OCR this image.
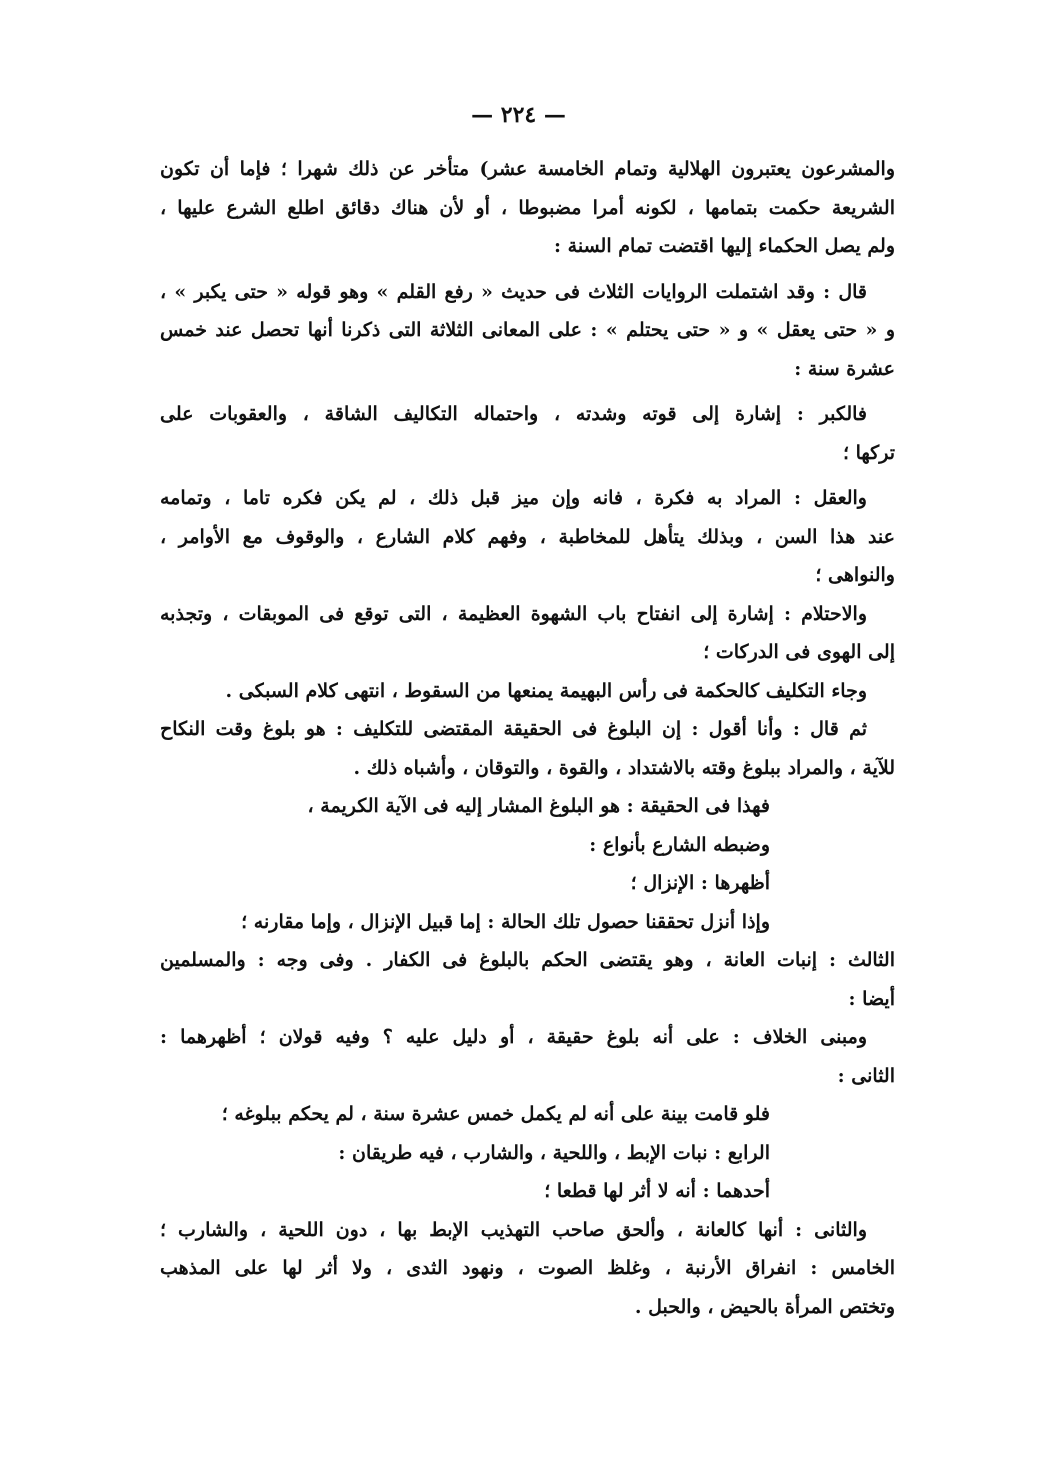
— ٢٢٤ —
والمشرعون يعتبرون الهلالية وتمام الخامسة عشر) متأخر عن ذلك شهرا ؛ فإما أن تكون
الشريعة حكمت بتمامها ، لكونه أمرا مضبوطا ، أو لأن هناك دقائق اطلع الشرع عليها ،
ولم يصل الحكماء إليها اقتضت تمام السنة :
قال : وقد اشتملت الروايات الثلاث فى حديث « رفع القلم » وهو قوله « حتى يكبر » ،
و « حتى يعقل » و « حتى يحتلم » : على المعانى الثلاثة التى ذكرنا أنها تحصل عند خمس
عشرة سنة :
فالكبر : إشارة إلى قوته وشدته ، واحتماله التكاليف الشاقة ، والعقوبات على
تركها ؛
والعقل : المراد به فكرة ، فانه وإن ميز قبل ذلك ، لم يكن فكره تاما ، وتمامه
عند هذا السن ، وبذلك يتأهل للمخاطبة ، وفهم كلام الشارع ، والوقوف مع الأوامر ،
والنواهى ؛
والاحتلام : إشارة إلى انفتاح باب الشهوة العظيمة ، التى توقع فى الموبقات ، وتجذبه
إلى الهوى فى الدركات ؛
وجاء التكليف كالحكمة فى رأس البهيمة يمنعها من السقوط ، انتهى كلام السبكى .
ثم قال : وأنا أقول : إن البلوغ فى الحقيقة المقتضى للتكليف : هو بلوغ وقت النكاح
للآية ، والمراد ببلوغ وقته بالاشتداد ، والقوة ، والتوقان ، وأشباه ذلك .
فهذا فى الحقيقة : هو البلوغ المشار إليه فى الآية الكريمة ،
وضبطه الشارع بأنواع :
أظهرها : الإنزال ؛
وإذا أنزل تحققنا حصول تلك الحالة : إما قبيل الإنزال ، وإما مقارنه ؛
الثالث : إنبات العانة ، وهو يقتضى الحكم بالبلوغ فى الكفار . وفى وجه : والمسلمين
أيضا :
ومبنى الخلاف : على أنه بلوغ حقيقة ، أو دليل عليه ؟ وفيه قولان ؛ أظهرهما :
الثانى :
فلو قامت بينة على أنه لم يكمل خمس عشرة سنة ، لم يحكم ببلوغه ؛
الرابع : نبات الإبط ، واللحية ، والشارب ، فيه طريقان :
أحدهما : أنه لا أثر لها قطعا ؛
والثانى : أنها كالعانة ، وألحق صاحب التهذيب الإبط بها ، دون اللحية ، والشارب ؛
الخامس : انفراق الأرنبة ، وغلظ الصوت ، ونهود الثدى ، ولا أثر لها على المذهب
وتختص المرأة بالحيض ، والحبل .
